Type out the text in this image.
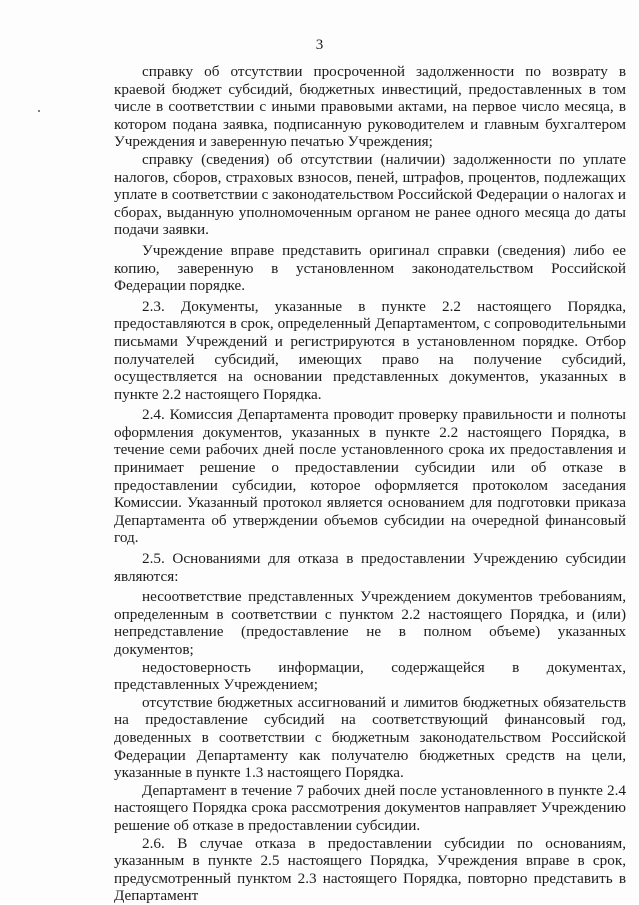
3

справку об отсутствии просроченной задолженности по возврату в краевой бюджет субсидий, бюджетных инвестиций, предоставленных в том числе в соответствии с иными правовыми актами, на первое число месяца, в котором подана заявка, подписанную руководителем и главным бухгалтером Учреждения и заверенную печатью Учреждения;

справку (сведения) об отсутствии (наличии) задолженности по уплате налогов, сборов, страховых взносов, пеней, штрафов, процентов, подлежащих уплате в соответствии с законодательством Российской Федерации о налогах и сборах, выданную уполномоченным органом не ранее одного месяца до даты подачи заявки.

Учреждение вправе представить оригинал справки (сведения) либо ее копию, заверенную в установленном законодательством Российской Федерации порядке.

2.3. Документы, указанные в пункте 2.2 настоящего Порядка, предоставляются в срок, определенный Департаментом, с сопроводительными письмами Учреждений и регистрируются в установленном порядке. Отбор получателей субсидий, имеющих право на получение субсидий, осуществляется на основании представленных документов, указанных в пункте 2.2 настоящего Порядка.

2.4. Комиссия Департамента проводит проверку правильности и полноты оформления документов, указанных в пункте 2.2 настоящего Порядка, в течение семи рабочих дней после установленного срока их предоставления и принимает решение о предоставлении субсидии или об отказе в предоставлении субсидии, которое оформляется протоколом заседания Комиссии. Указанный протокол является основанием для подготовки приказа Департамента об утверждении объемов субсидии на очередной финансовый год.

2.5. Основаниями для отказа в предоставлении Учреждению субсидии являются:

несоответствие представленных Учреждением документов требованиям, определенным в соответствии с пунктом 2.2 настоящего Порядка, и (или) непредставление (предоставление не в полном объеме) указанных документов;

недостоверность информации, содержащейся в документах, представленных Учреждением;

отсутствие бюджетных ассигнований и лимитов бюджетных обязательств на предоставление субсидий на соответствующий финансовый год, доведенных в соответствии с бюджетным законодательством Российской Федерации Департаменту как получателю бюджетных средств на цели, указанные в пункте 1.3 настоящего Порядка.

Департамент в течение 7 рабочих дней после установленного в пункте 2.4 настоящего Порядка срока рассмотрения документов направляет Учреждению решение об отказе в предоставлении субсидии.

2.6. В случае отказа в предоставлении субсидии по основаниям, указанным в пункте 2.5 настоящего Порядка, Учреждения вправе в срок, предусмотренный пунктом 2.3 настоящего Порядка, повторно представить в Департамент
